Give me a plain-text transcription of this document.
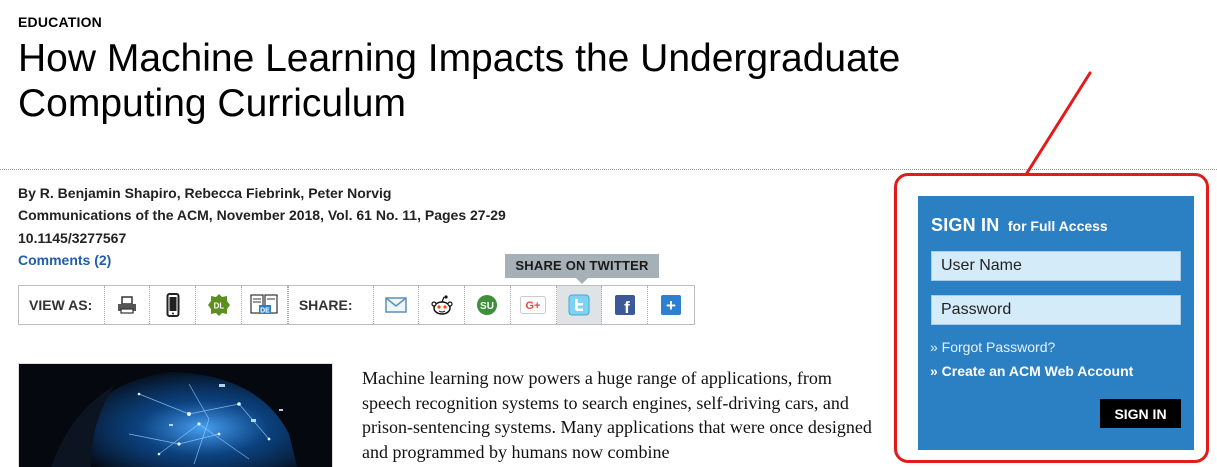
EDUCATION
How Machine Learning Impacts the Undergraduate Computing Curriculum
By R. Benjamin Shapiro, Rebecca Fiebrink, Peter Norvig
Communications of the ACM, November 2018, Vol. 61 No. 11, Pages 27-29
10.1145/3277567
Comments (2)	SHARE ON TWITTER
VIEW AS:	DL
DE	SHARE:	SU	G+	f +

Machine learning now powers a huge range of applications, from speech recognition systems to search engines, self-driving cars, and prison-sentencing systems. Many applications that were once designed and programmed by humans now combine

SIGN IN for Full Access
User Name
» Forgot Password?
» Create an ACM Web Account
SIGN IN
